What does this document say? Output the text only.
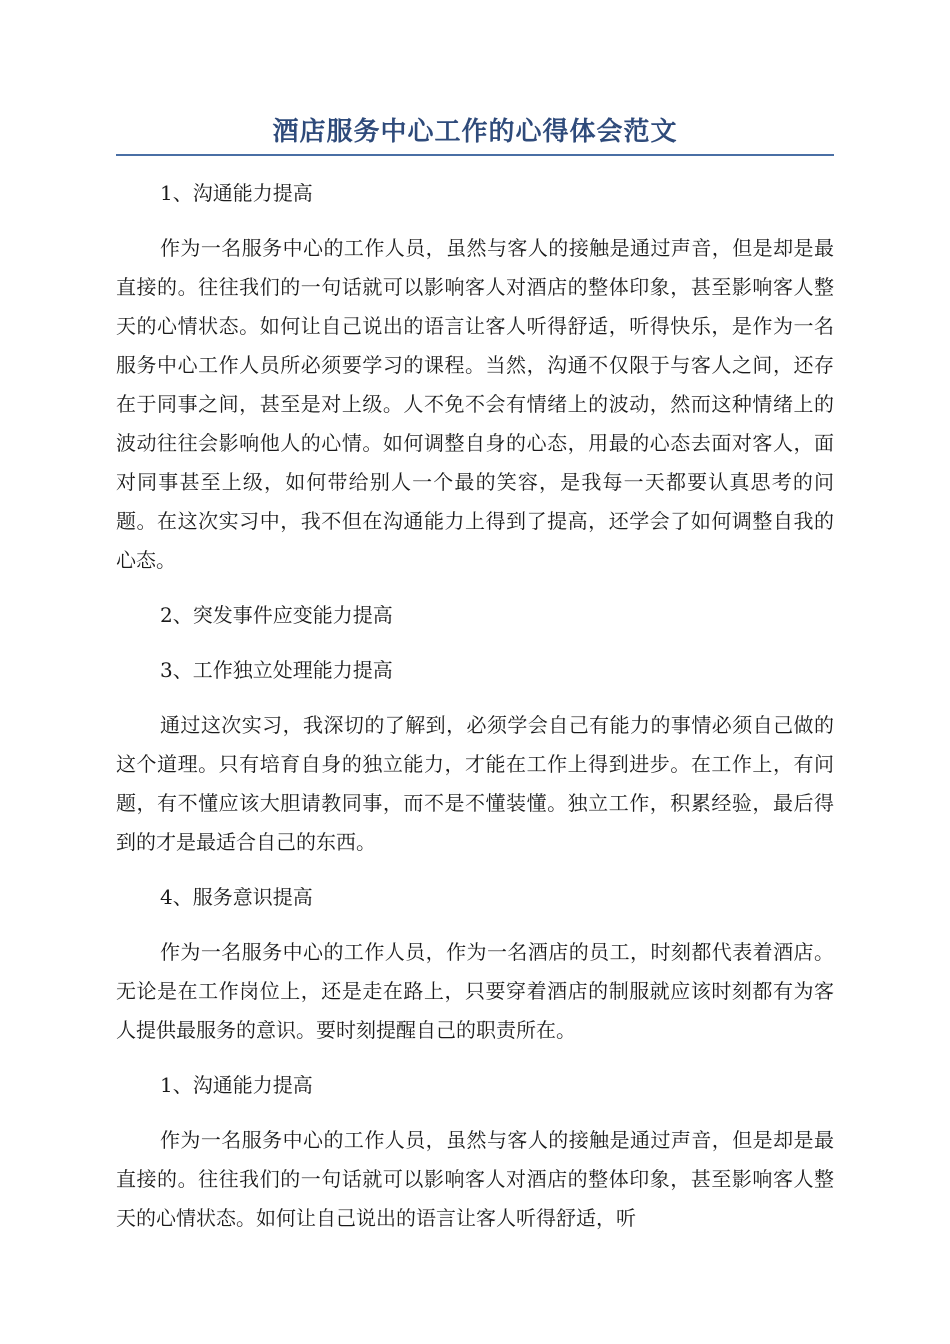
酒店服务中心工作的心得体会范文

1、沟通能力提高

作为一名服务中心的工作人员，虽然与客人的接触是通过声音，但是却是最直接的。往往我们的一句话就可以影响客人对酒店的整体印象，甚至影响客人整天的心情状态。如何让自己说出的语言让客人听得舒适，听得快乐，是作为一名服务中心工作人员所必须要学习的课程。当然，沟通不仅限于与客人之间，还存在于同事之间，甚至是对上级。人不免不会有情绪上的波动，然而这种情绪上的波动往往会影响他人的心情。如何调整自身的心态，用最的心态去面对客人，面对同事甚至上级，如何带给别人一个最的笑容，是我每一天都要认真思考的问题。在这次实习中，我不但在沟通能力上得到了提高，还学会了如何调整自我的心态。

2、突发事件应变能力提高

3、工作独立处理能力提高

通过这次实习，我深切的了解到，必须学会自己有能力的事情必须自己做的这个道理。只有培育自身的独立能力，才能在工作上得到进步。在工作上，有问题，有不懂应该大胆请教同事，而不是不懂装懂。独立工作，积累经验，最后得到的才是最适合自己的东西。

4、服务意识提高

作为一名服务中心的工作人员，作为一名酒店的员工，时刻都代表着酒店。无论是在工作岗位上，还是走在路上，只要穿着酒店的制服就应该时刻都有为客人提供最服务的意识。要时刻提醒自己的职责所在。

1、沟通能力提高

作为一名服务中心的工作人员，虽然与客人的接触是通过声音，但是却是最直接的。往往我们的一句话就可以影响客人对酒店的整体印象，甚至影响客人整天的心情状态。如何让自己说出的语言让客人听得舒适，听
